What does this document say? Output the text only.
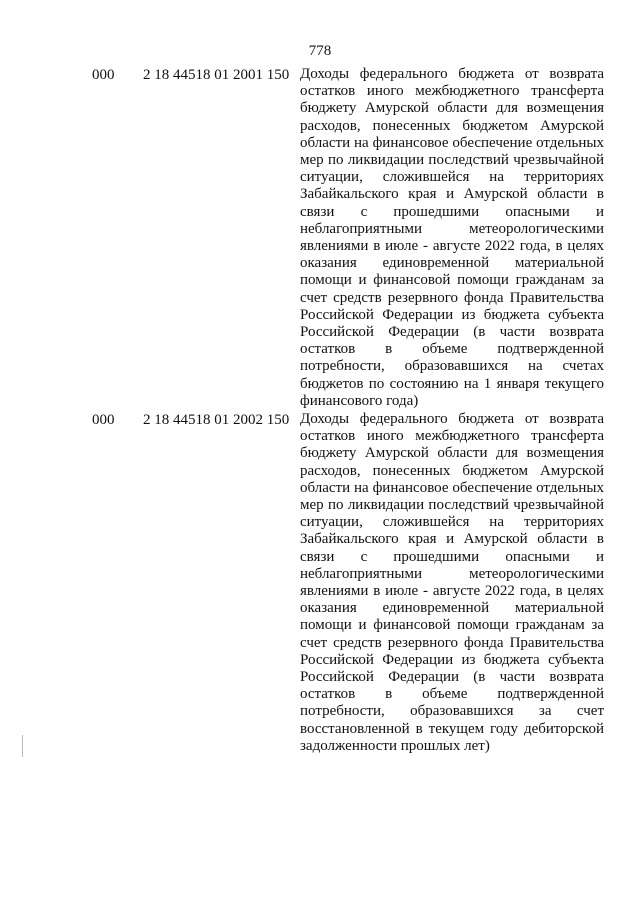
778
000 2 18 44518 01 2001 150 Доходы федерального бюджета от возврата
остатков иного межбюджетного трансферта
бюджету Амурской области для возмещения
расходов, понесенных бюджетом Амурской
области на финансовое обеспечение отдельных
мер по ликвидации последствий чрезвычайной
ситуации, сложившейся на территориях
Забайкальского края и Амурской области в
связи с прошедшими опасными и
неблагоприятными метеорологическими
явлениями в июле - августе 2022 года, в целях
оказания единовременной материальной
помощи и финансовой помощи гражданам за
счет средств резервного фонда Правительства
Российской Федерации из бюджета субъекта
Российской Федерации (в части возврата
остатков в объеме подтвержденной
потребности, образовавшихся на счетах
бюджетов по состоянию на 1 января текущего
финансового года)
000 2 18 44518 01 2002 150 Доходы федерального бюджета от возврата
остатков иного межбюджетного трансферта
бюджету Амурской области для возмещения
расходов, понесенных бюджетом Амурской
области на финансовое обеспечение отдельных
мер по ликвидации последствий чрезвычайной
ситуации, сложившейся на территориях
Забайкальского края и Амурской области в
связи с прошедшими опасными и
неблагоприятными метеорологическими
явлениями в июле - августе 2022 года, в целях
оказания единовременной материальной
помощи и финансовой помощи гражданам за
счет средств резервного фонда Правительства
Российской Федерации из бюджета субъекта
Российской Федерации (в части возврата
остатков в объеме подтвержденной
потребности, образовавшихся за счет
восстановленной в текущем году дебиторской
задолженности прошлых лет)
